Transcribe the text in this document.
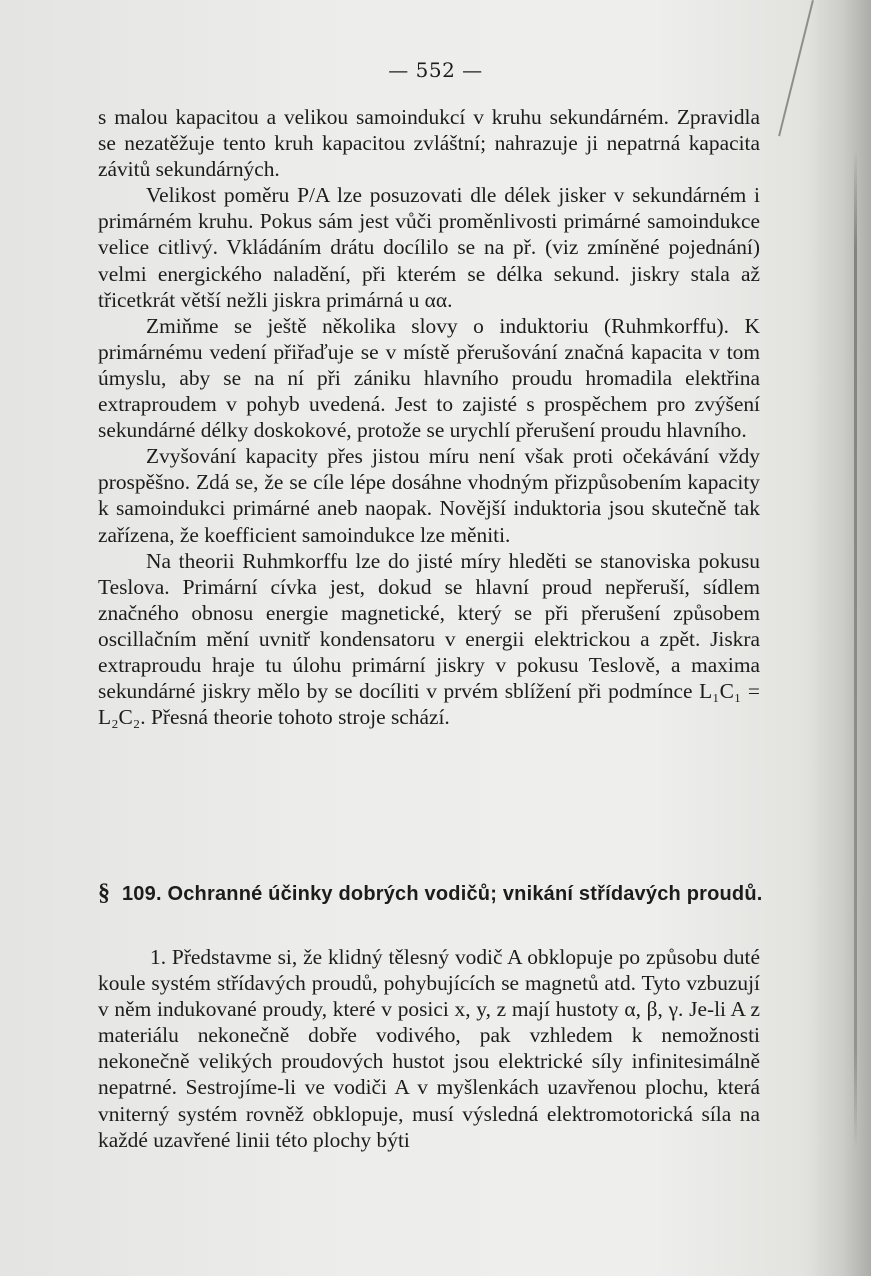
— 552 —

s malou kapacitou a velikou samoindukcí v kruhu sekundárném. Zpravidla se nezatěžuje tento kruh kapacitou zvláštní; nahrazuje ji nepatrná kapacita závitů sekundárných.

Velikost poměru P/A lze posuzovati dle délek jisker v sekundárném i primárném kruhu. Pokus sám jest vůči proměnlivosti primárné samoindukce velice citlivý. Vkládáním drátu docílilo se na př. (viz zmíněné pojednání) velmi energického naladění, při kterém se délka sekund. jiskry stala až třicetkrát větší nežli jiskra primárná u αα.

Zmiňme se ještě několika slovy o induktoriu (Ruhmkorffu). K primárnému vedení přiřaďuje se v místě přerušování značná kapacita v tom úmyslu, aby se na ní při zániku hlavního proudu hromadila elektřina extraproudem v pohyb uvedená. Jest to zajisté s prospěchem pro zvýšení sekundárné délky doskokové, protože se urychlí přerušení proudu hlavního.

Zvyšování kapacity přes jistou míru není však proti očekávání vždy prospěšno. Zdá se, že se cíle lépe dosáhne vhodným přizpůsobením kapacity k samoindukci primárné aneb naopak. Novější induktoria jsou skutečně tak zařízena, že koefficient samoindukce lze měniti.

Na theorii Ruhmkorffu lze do jisté míry hleděti se stanoviska pokusu Teslova. Primární cívka jest, dokud se hlavní proud nepřeruší, sídlem značného obnosu energie magnetické, který se při přerušení způsobem oscillačním mění uvnitř kondensatoru v energii elektrickou a zpět. Jiskra extraproudu hraje tu úlohu primární jiskry v pokusu Teslově, a maxima sekundárné jiskry mělo by se docíliti v prvém sblížení při podmínce L₁C₁ = L₂C₂. Přesná theorie tohoto stroje schází.

§ 109. Ochranné účinky dobrých vodičů; vnikání střídavých proudů.

1. Představme si, že klidný tělesný vodič A obklopuje po způsobu duté koule systém střídavých proudů, pohybujících se magnetů atd. Tyto vzbuzují v něm indukované proudy, které v posici x, y, z mají hustoty α, β, γ. Je-li A z materiálu nekonečně dobře vodivého, pak vzhledem k nemožnosti nekonečně velikých proudových hustot jsou elektrické síly infinitesimálně nepatrné. Sestrojíme-li ve vodiči A v myšlenkách uzavřenou plochu, která vniterný systém rovněž obklopuje, musí výsledná elektromotorická síla na každé uzavřené linii této plochy býti
